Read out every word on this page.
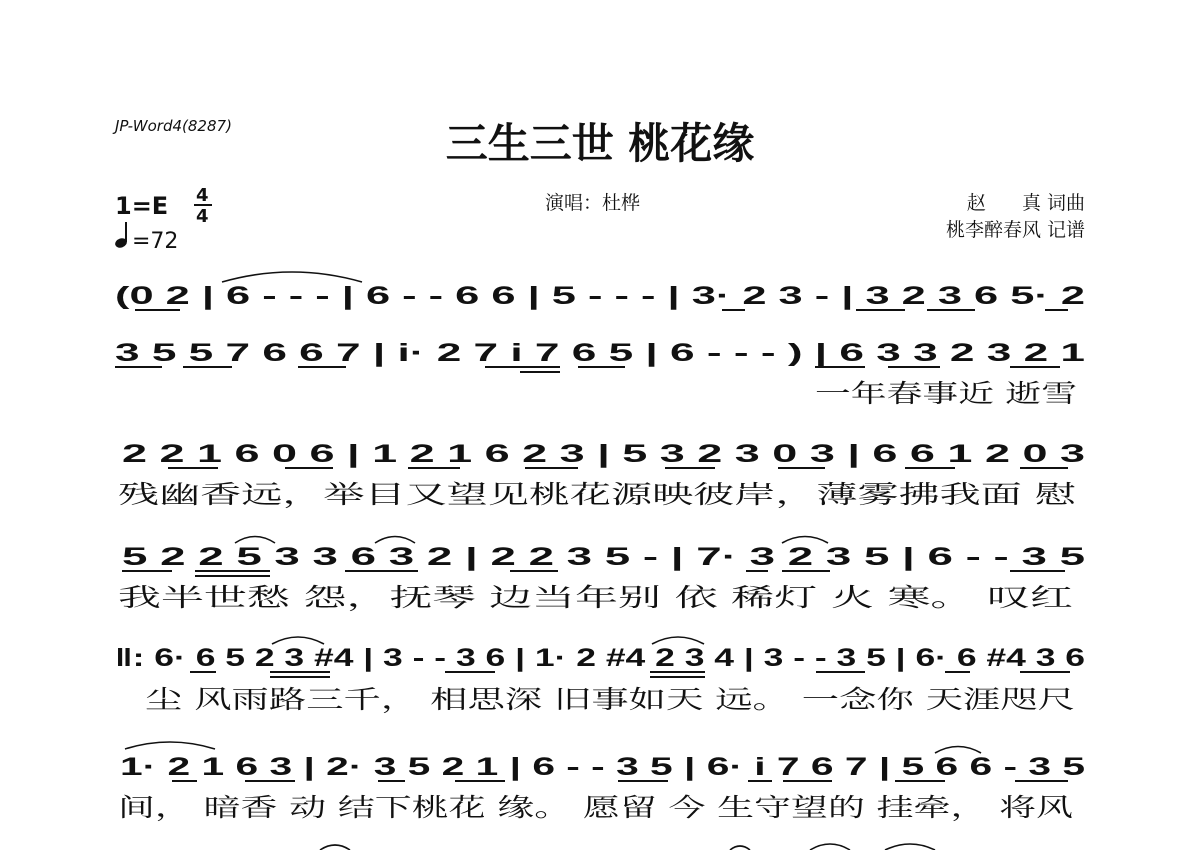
JP-Word4(8287)	三生三世 桃花缘
演唱：杜桦
1=E 4
4
=72
赵      真 词曲
桃李醉春风 记谱
(0 2 | 6 - - - | 6 - - 6 6 | 5 - - - | 3· 2 3 - | 3 2 3 6 5· 2
3 5 5 7 6 6 7 | i· 2 7 i 7 6 5 | 6 - - - ) | 6 3 3 2 3 2 1
一年春事近 逝雪
2 2 1 6 0 6 | 1 2 1 6 2 3 | 5 3 2 3 0 3 | 6 6 1 2 0 3
残幽香远，举目又望见桃花源映彼岸，薄雾拂我面 慰
5 2 2 5 3 3 6 3 2 | 2 2 3 5 - | 7· 3 2 3 5 | 6 - - 3 5
我半世愁 怨，抚琴 边当年别 依 稀灯 火 寒。 叹红
‖: 6· 6 5 2 3 #4 | 3 - - 3 6 | 1· 2 #4 2 3 4 | 3 - - 3 5 | 6· 6 #4 3 6
尘 风雨路三千， 相思深 旧事如天 远。 一念你 天涯咫尺
1· 2 1 6 3 | 2· 3 5 2 1 | 6 - - 3 5 | 6· i 7 6 7 | 5 6 6 - 3 5
间， 暗香 动 结下桃花 缘。 愿留 今 生守望的 挂牵， 将风
